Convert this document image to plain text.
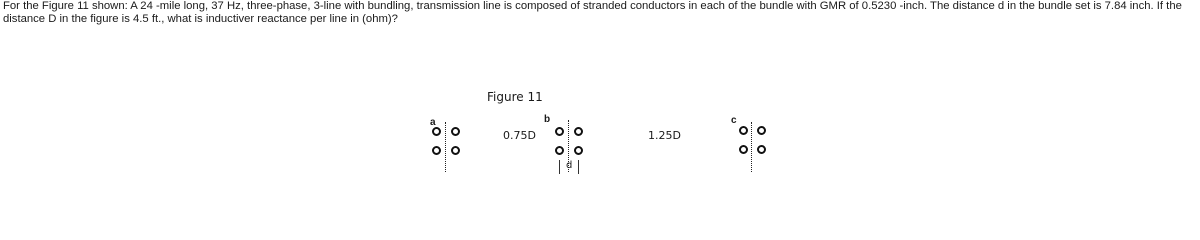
For the Figure 11 shown: A 24 -mile long, 37 Hz, three-phase, 3-line with bundling, transmission line is composed of stranded conductors in each of the bundle with GMR of 0.5230 -inch. The distance d in the bundle set is 7.84 inch. If the distance D in the figure is 4.5 ft., what is inductiver reactance per line in (ohm)?

Figure 11
a
0.75D
b
d
1.25D
c
